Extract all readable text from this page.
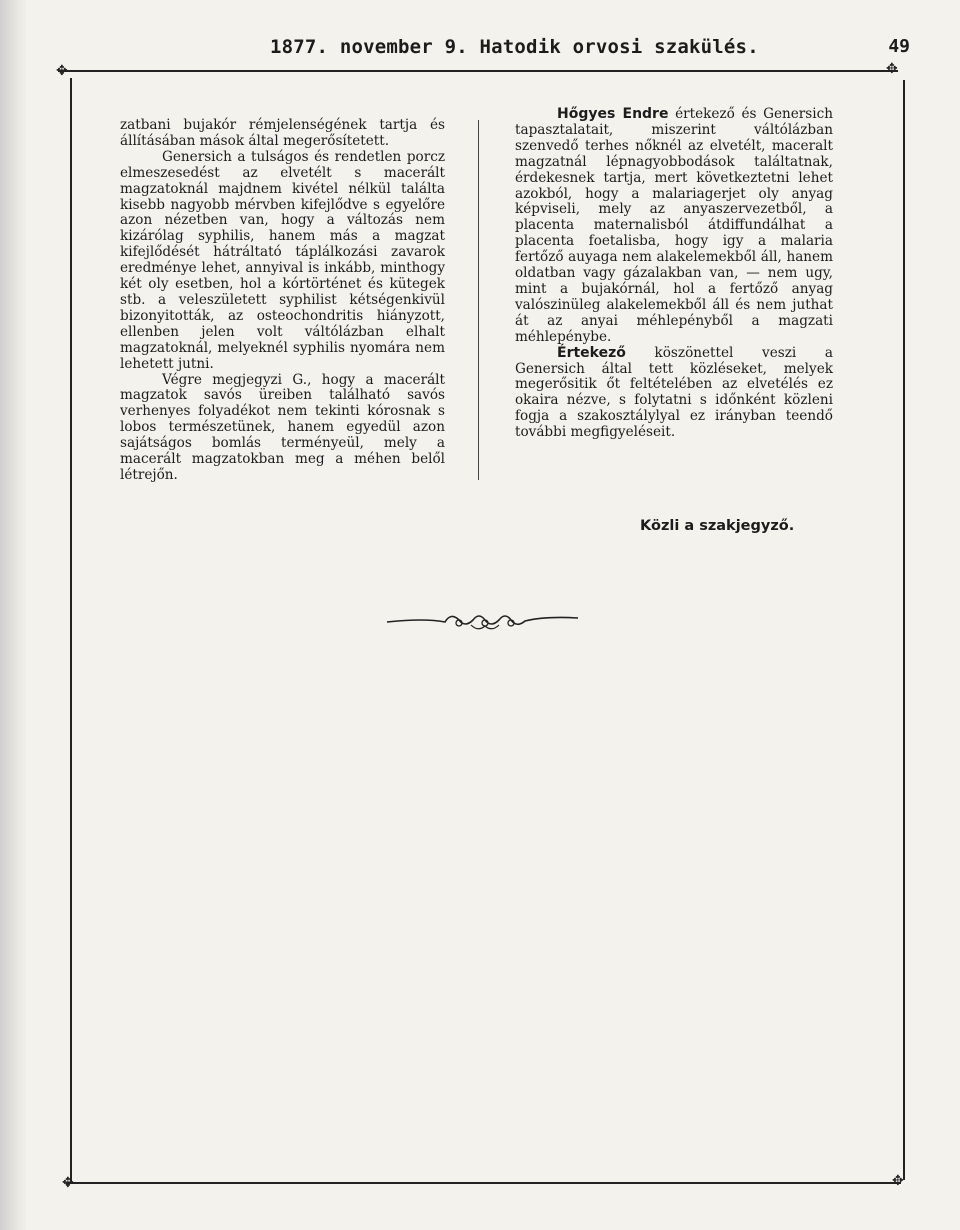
1877. november 9. Hatodik orvosi szakülés.	49
✥	✥
✥	✥

zatbani bujakór rémjelenségének tartja és állításában mások által megerősítetett.

Genersich a tulságos és rendetlen porcz elmeszesedést az elvetélt s macerált magzatoknál majdnem kivétel nélkül találta kisebb nagyobb mérvben kifejlődve s egyelőre azon nézetben van, hogy a változás nem kizárólag syphilis, hanem más a magzat kifejlődését hátráltató táplálkozási zavarok eredménye lehet, annyival is inkább, minthogy két oly esetben, hol a kórtörténet és kütegek stb. a veleszületett syphilist kétségenkivül bizonyitották, az osteochondritis hiányzott, ellenben jelen volt váltólázban elhalt magzatoknál, melyeknél syphilis nyomára nem lehetett jutni.

Végre megjegyzi G., hogy a macerált magzatok savós üreiben található savós verhenyes folyadékot nem tekinti kórosnak s lobos természetünek, hanem egyedül azon sajátságos bomlás terményeül, mely a macerált magzatokban meg a méhen belől létrejőn.

Hőgyes Endre értekező és Genersich tapasztalatait, miszerint váltólázban szenvedő terhes nőknél az elvetélt, maceralt magzatnál lépnagyobbodások találtatnak, érdekesnek tartja, mert következtetni lehet azokból, hogy a malariagerjet oly anyag képviseli, mely az anyaszervezetből, a placenta maternalisból átdiffundálhat a placenta foetalisba, hogy igy a malaria fertőző auyaga nem alakelemekből áll, hanem oldatban vagy gázalakban van, — nem ugy, mint a bujakórnál, hol a fertőző anyag valószinüleg alakelemekből áll és nem juthat át az anyai méhlepényből a magzati méhlepénybe.

Értekező köszönettel veszi a Genersich által tett közléseket, melyek megerősitik őt feltételében az elvetélés ez okaira nézve, s folytatni s időnként közleni fogja a szakosztálylyal ez irányban teendő további megfigyeléseit.

Közli a szakjegyző.
